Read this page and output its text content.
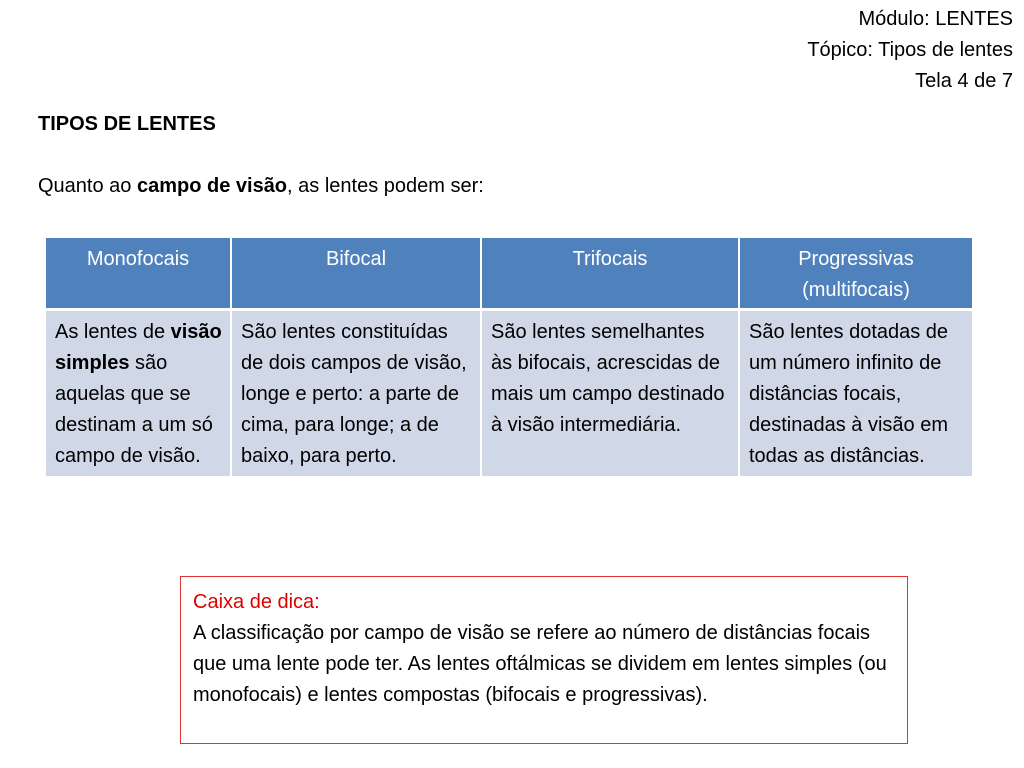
Módulo: LENTES
Tópico: Tipos de lentes
Tela 4 de 7
TIPOS DE LENTES

Quanto ao campo de visão, as lentes podem ser:

Monofocais	Bifocal	Trifocais	Progressivas
(multifocais)
As lentes de visão simples são aquelas que se destinam a um só campo de visão.	São lentes constituídas de dois campos de visão, longe e perto: a parte de cima, para longe; a de baixo, para perto.	São lentes semelhantes às bifocais, acrescidas de mais um campo destinado à visão intermediária.	São lentes dotadas de um número infinito de distâncias focais, destinadas à visão em todas as distâncias.
Caixa de dica:
A classificação por campo de visão se refere ao número de distâncias focais que uma lente pode ter. As lentes oftálmicas se dividem em lentes simples (ou monofocais) e lentes compostas (bifocais e progressivas).
